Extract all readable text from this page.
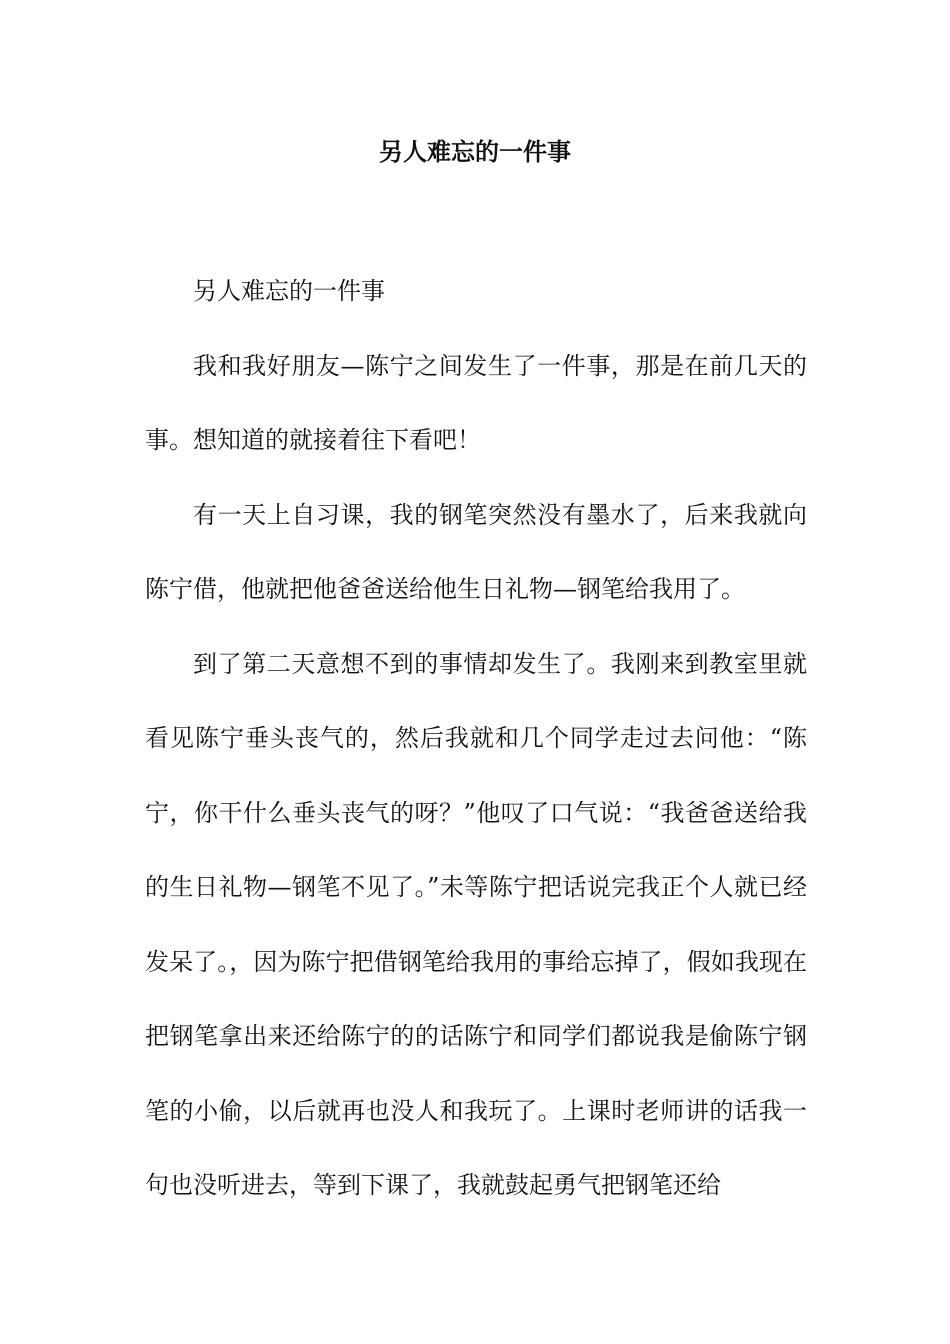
另人难忘的一件事

另人难忘的一件事

我和我好朋友—陈宁之间发生了一件事，那是在前几天的事。想知道的就接着往下看吧！

有一天上自习课，我的钢笔突然没有墨水了，后来我就向陈宁借，他就把他爸爸送给他生日礼物—钢笔给我用了。

到了第二天意想不到的事情却发生了。我刚来到教室里就看见陈宁垂头丧气的，然后我就和几个同学走过去问他：“陈宁，你干什么垂头丧气的呀？”他叹了口气说：“我爸爸送给我的生日礼物—钢笔不见了。”未等陈宁把话说完我正个人就已经发呆了。，因为陈宁把借钢笔给我用的事给忘掉了，假如我现在把钢笔拿出来还给陈宁的的话陈宁和同学们都说我是偷陈宁钢笔的小偷，以后就再也没人和我玩了。上课时老师讲的话我一句也没听进去，等到下课了，我就鼓起勇气把钢笔还给
